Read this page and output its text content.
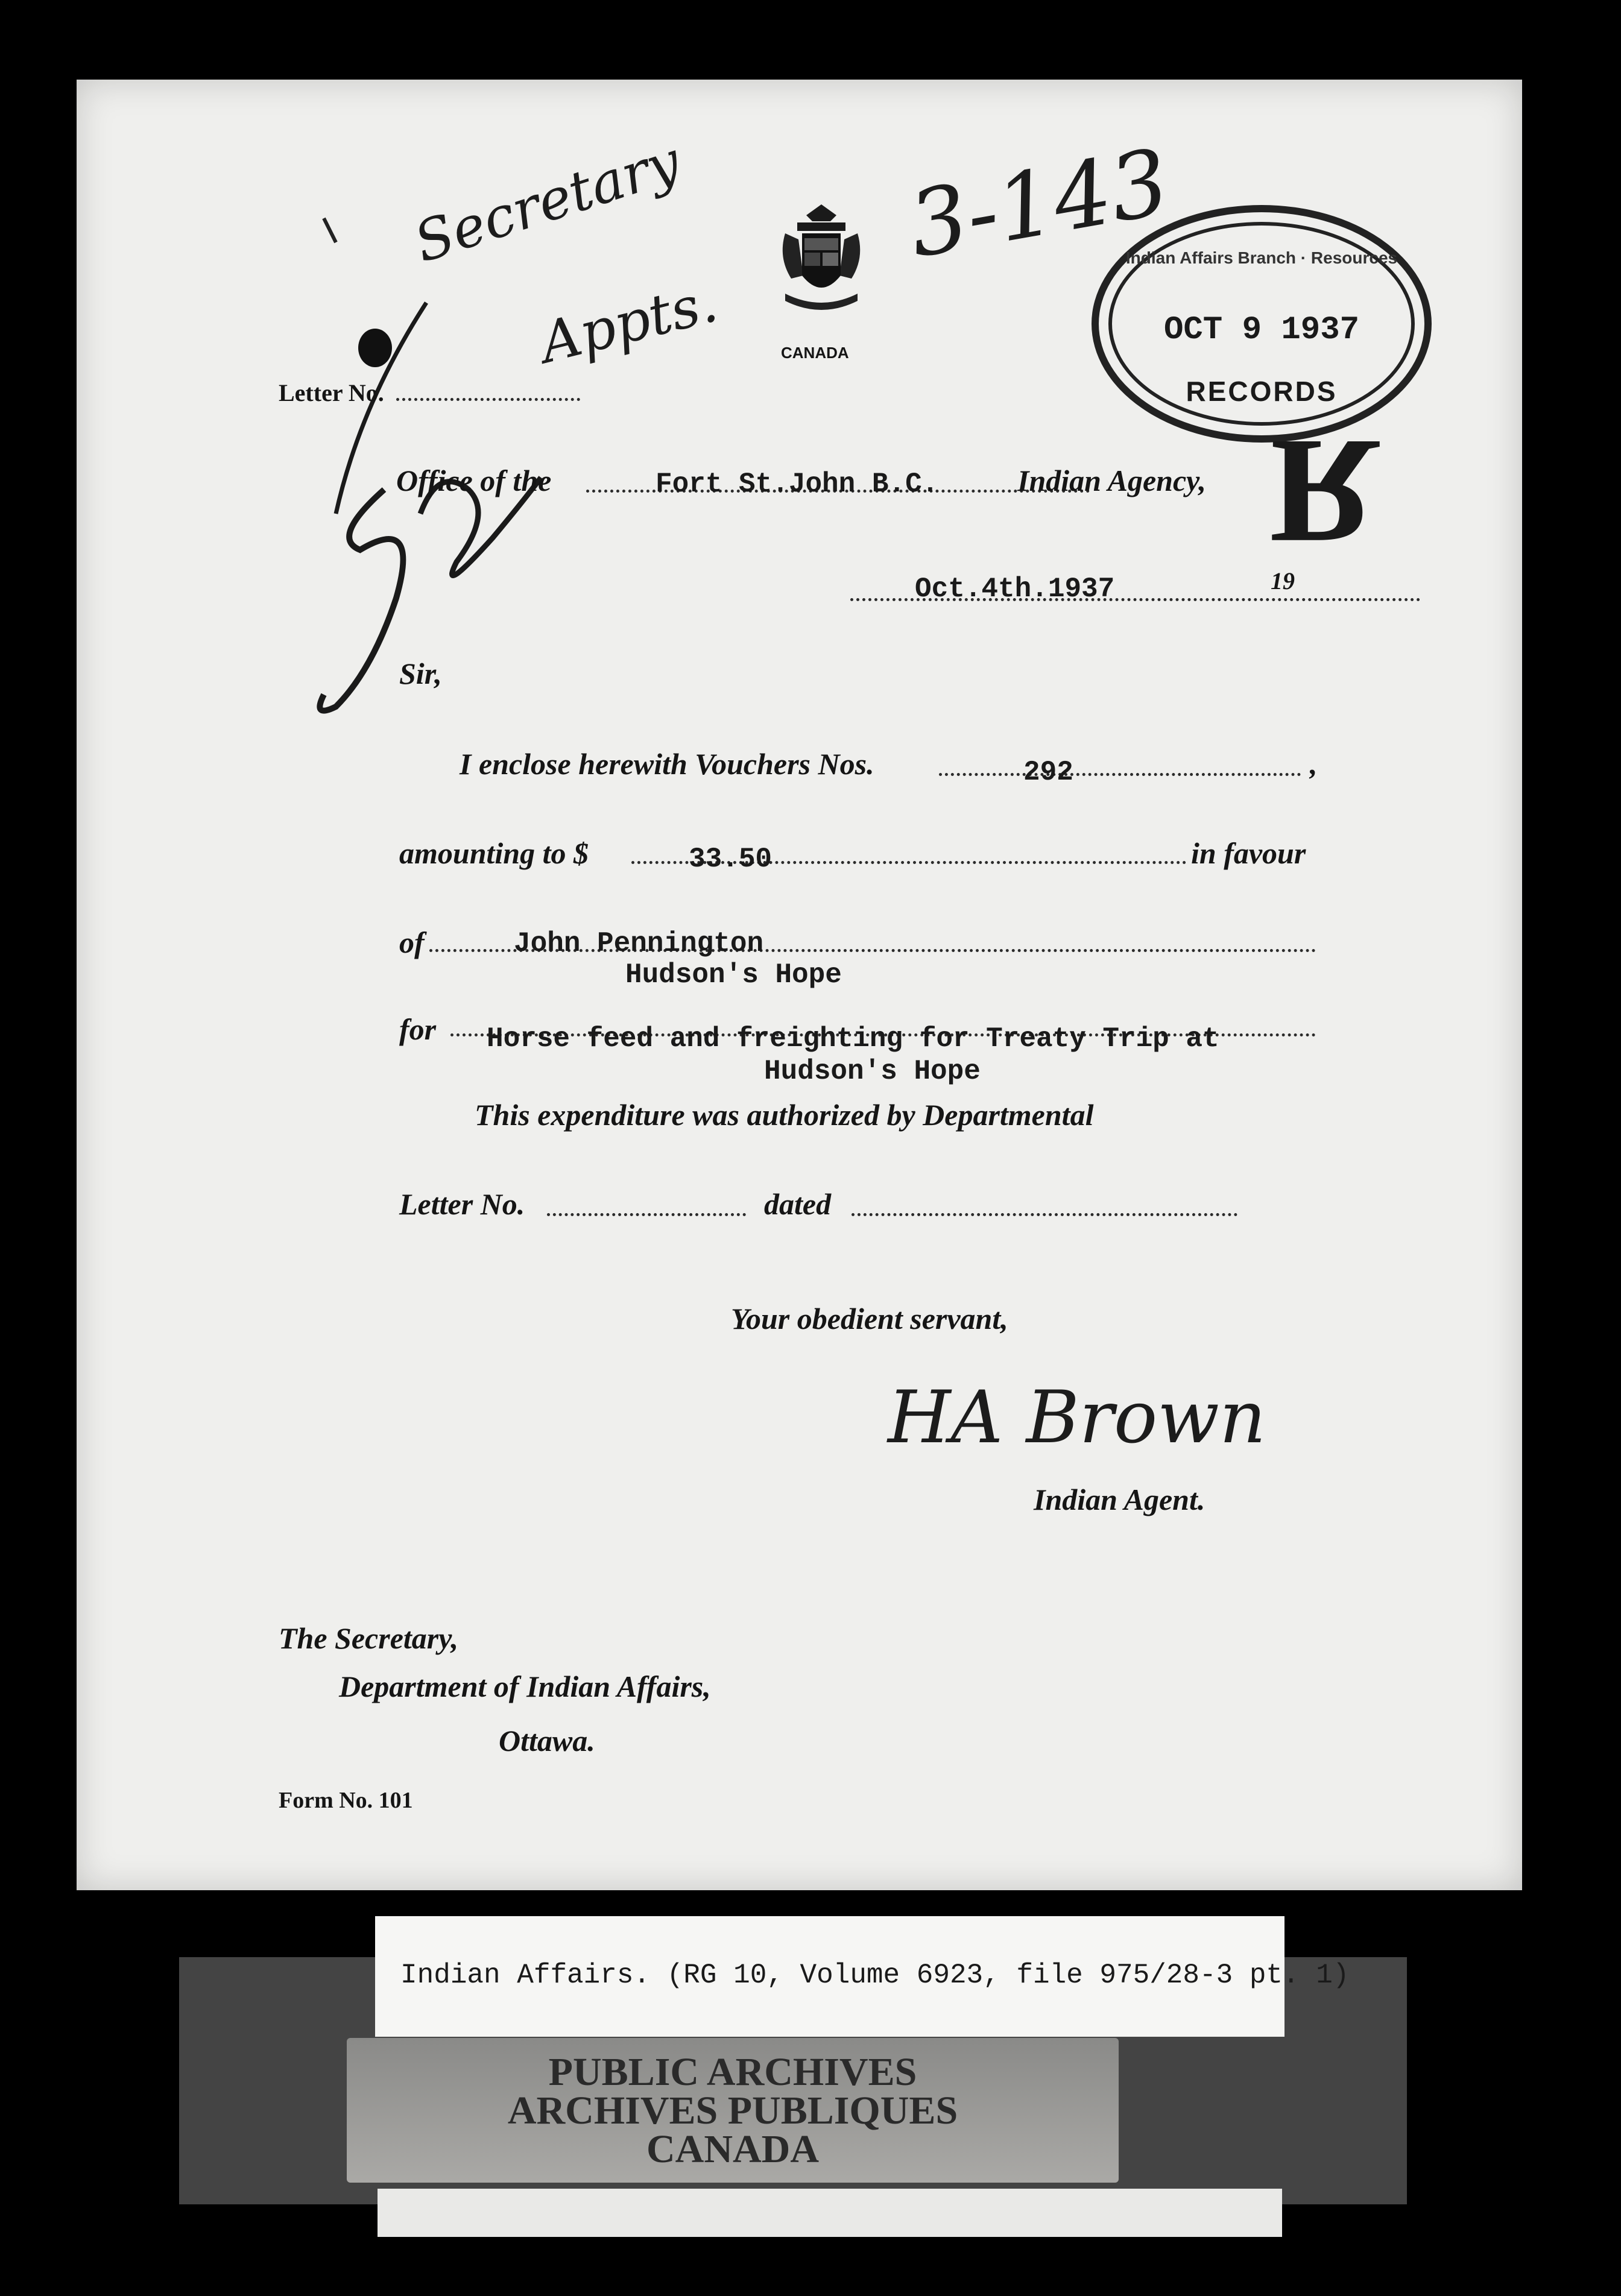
CANADA
Secretary
Appts.
3-143
Letter No.
Office of the	Fort St.John B.C.	Indian Agency,
Oct.4th.1937	19
Sir,
I enclose herewith Vouchers Nos.	292	,
amounting to $	33.50	in favour
of	John Pennington
Hudson's Hope
for Horse feed and freighting for Treaty Trip at
Hudson's Hope
This expenditure was authorized by Departmental
Letter No.	dated
Your obedient servant,
HA Brown
Indian Agent.
The Secretary,
Department of Indian Affairs,
Ottawa.
Form No. 101
Indian Affairs Branch · Resources
OCT 9 1937
RECORDS
R
Indian Affairs. (RG 10, Volume 6923, file 975/28-3 pt. 1)
PUBLIC ARCHIVES
ARCHIVES PUBLIQUES
CANADA
